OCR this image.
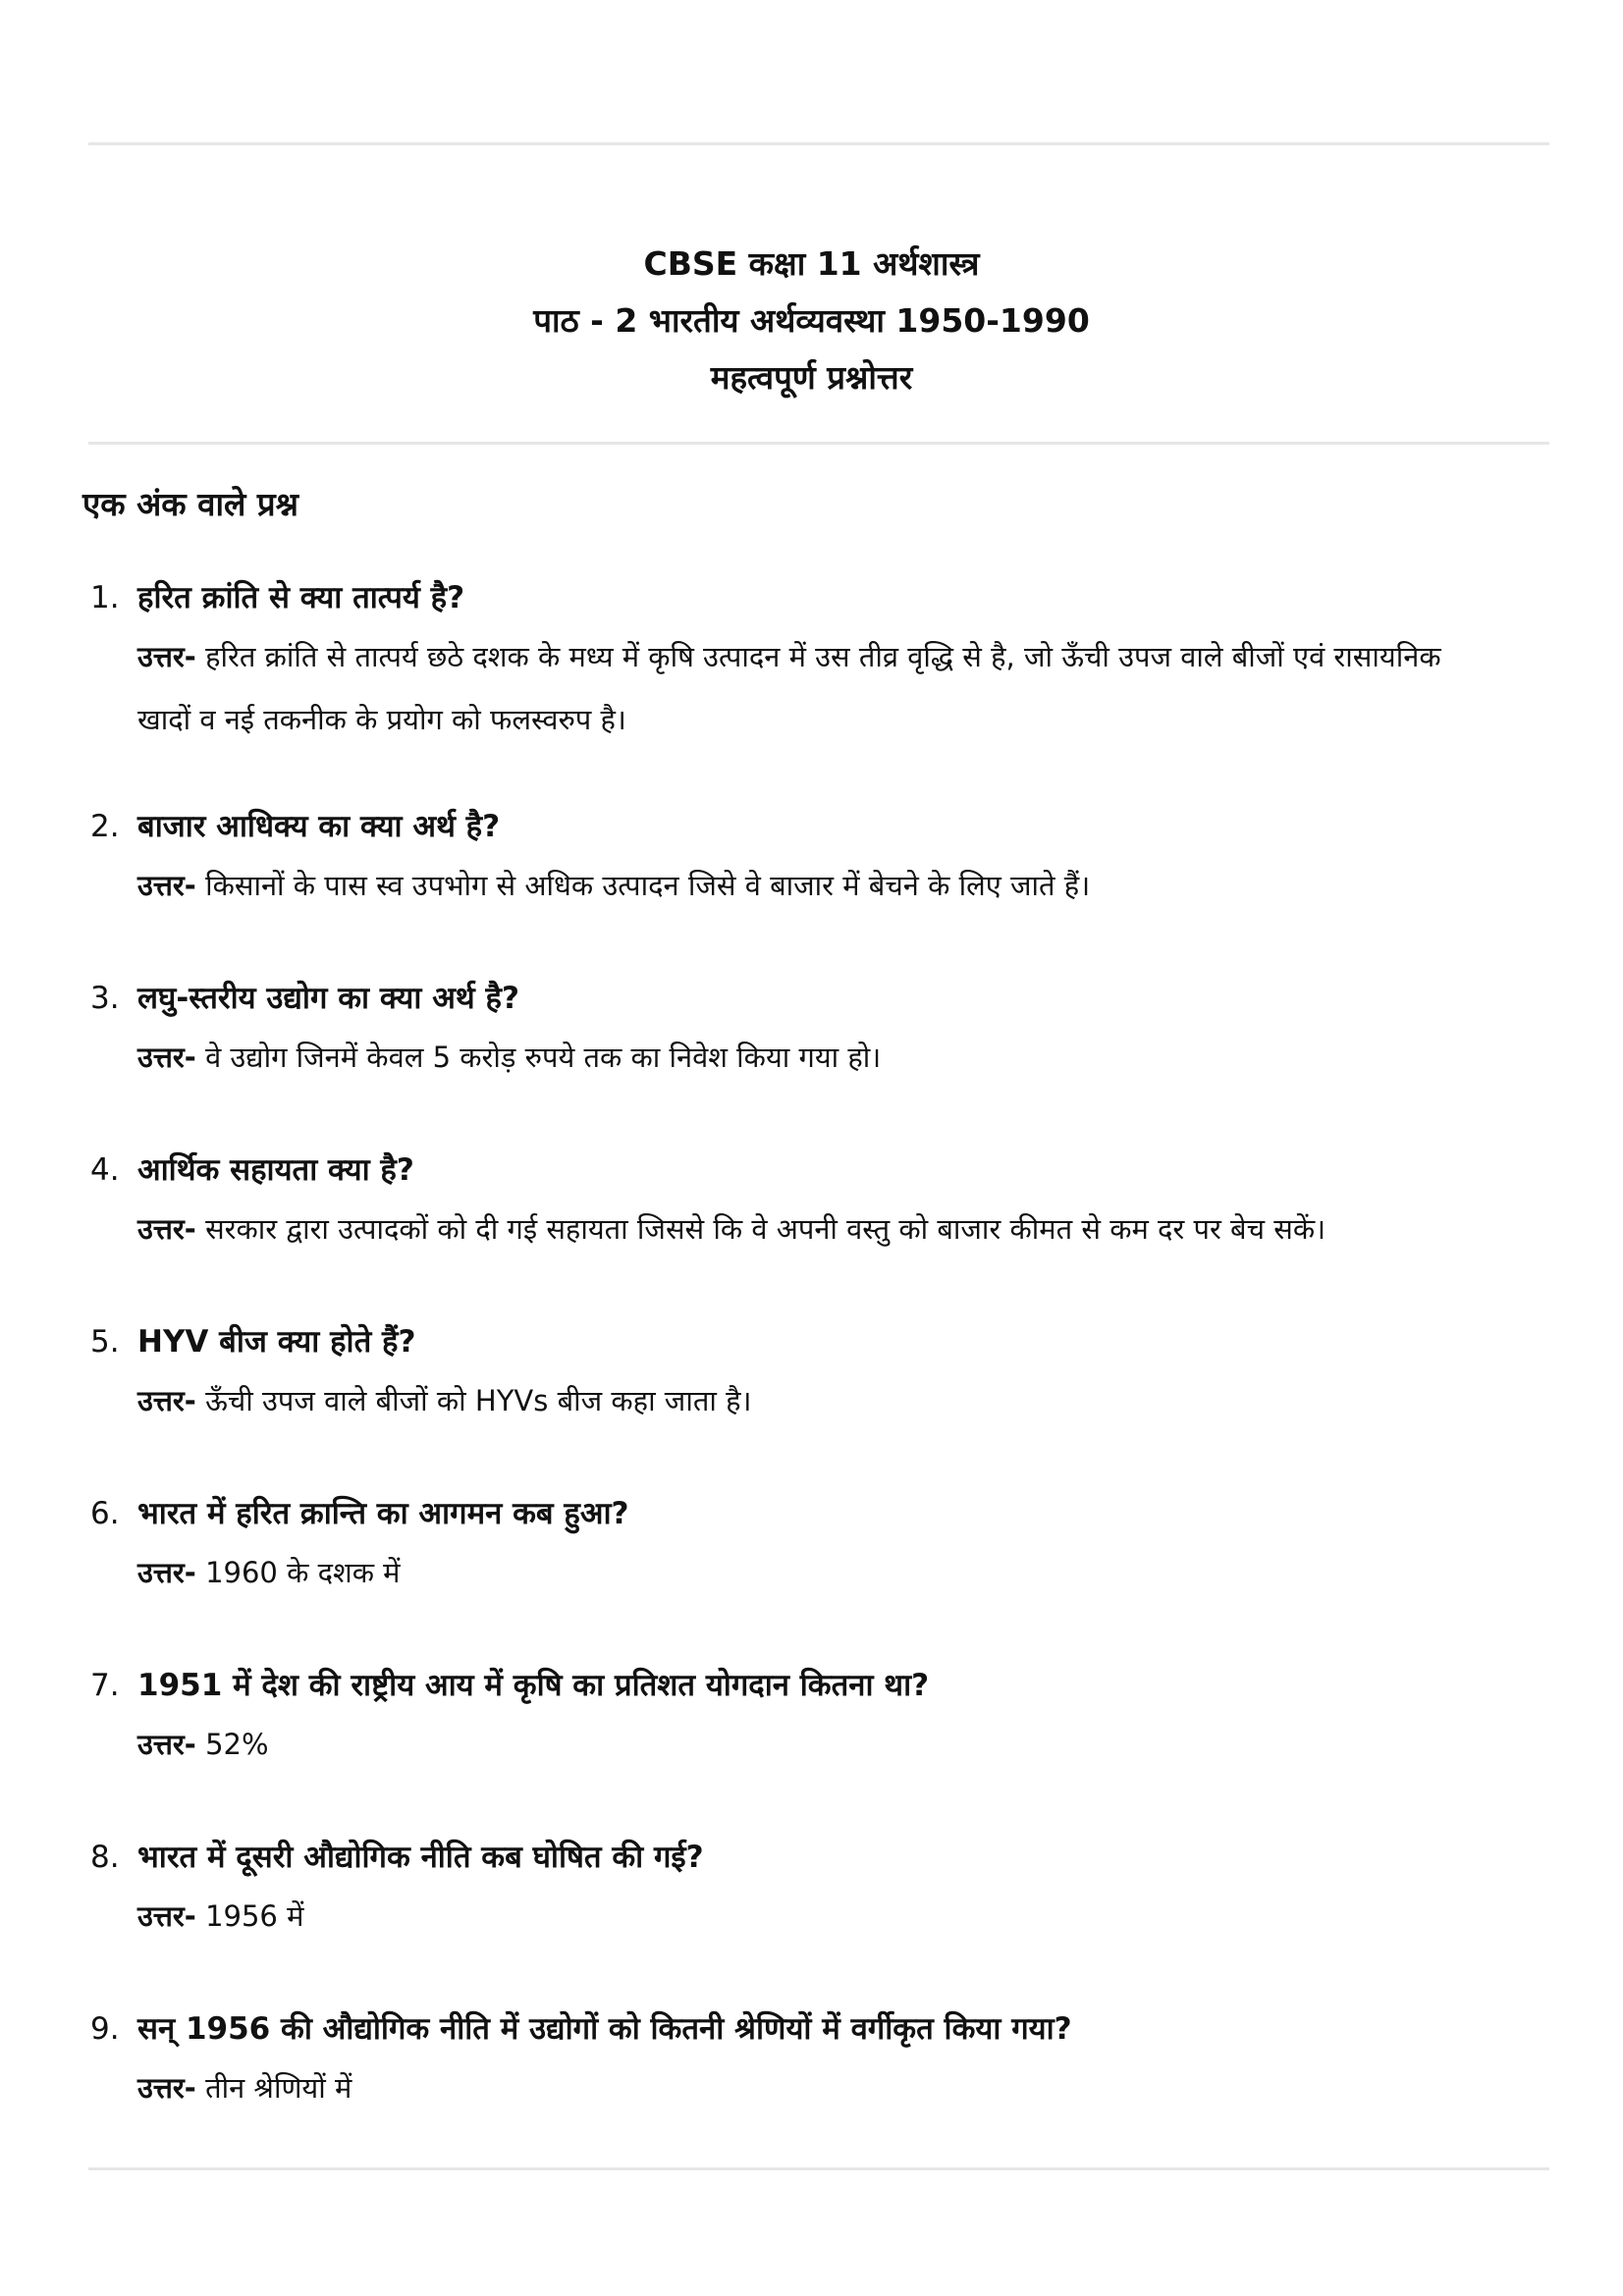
CBSE कक्षा 11 अर्थशास्त्र
पाठ - 2 भारतीय अर्थव्यवस्था 1950-1990
महत्वपूर्ण प्रश्नोत्तर
एक अंक वाले प्रश्न
1. हरित क्रांति से क्या तात्पर्य है?
उत्तर- हरित क्रांति से तात्पर्य छठे दशक के मध्य में कृषि उत्पादन में उस तीव्र वृद्धि से है, जो ऊँची उपज वाले बीजों एवं रासायनिक खादों व नई तकनीक के प्रयोग को फलस्वरुप है।
2. बाजार आधिक्य का क्या अर्थ है?
उत्तर- किसानों के पास स्व उपभोग से अधिक उत्पादन जिसे वे बाजार में बेचने के लिए जाते हैं।
3. लघु-स्तरीय उद्योग का क्या अर्थ है?
उत्तर- वे उद्योग जिनमें केवल 5 करोड़ रुपये तक का निवेश किया गया हो।
4. आर्थिक सहायता क्या है?
उत्तर- सरकार द्वारा उत्पादकों को दी गई सहायता जिससे कि वे अपनी वस्तु को बाजार कीमत से कम दर पर बेच सकें।
5. HYV बीज क्या होते हैं?
उत्तर- ऊँची उपज वाले बीजों को HYVs बीज कहा जाता है।
6. भारत में हरित क्रान्ति का आगमन कब हुआ?
उत्तर- 1960 के दशक में
7. 1951 में देश की राष्ट्रीय आय में कृषि का प्रतिशत योगदान कितना था?
उत्तर- 52%
8. भारत में दूसरी औद्योगिक नीति कब घोषित की गई?
उत्तर- 1956 में
9. सन् 1956 की औद्योगिक नीति में उद्योगों को कितनी श्रेणियों में वर्गीकृत किया गया?
उत्तर- तीन श्रेणियों में
